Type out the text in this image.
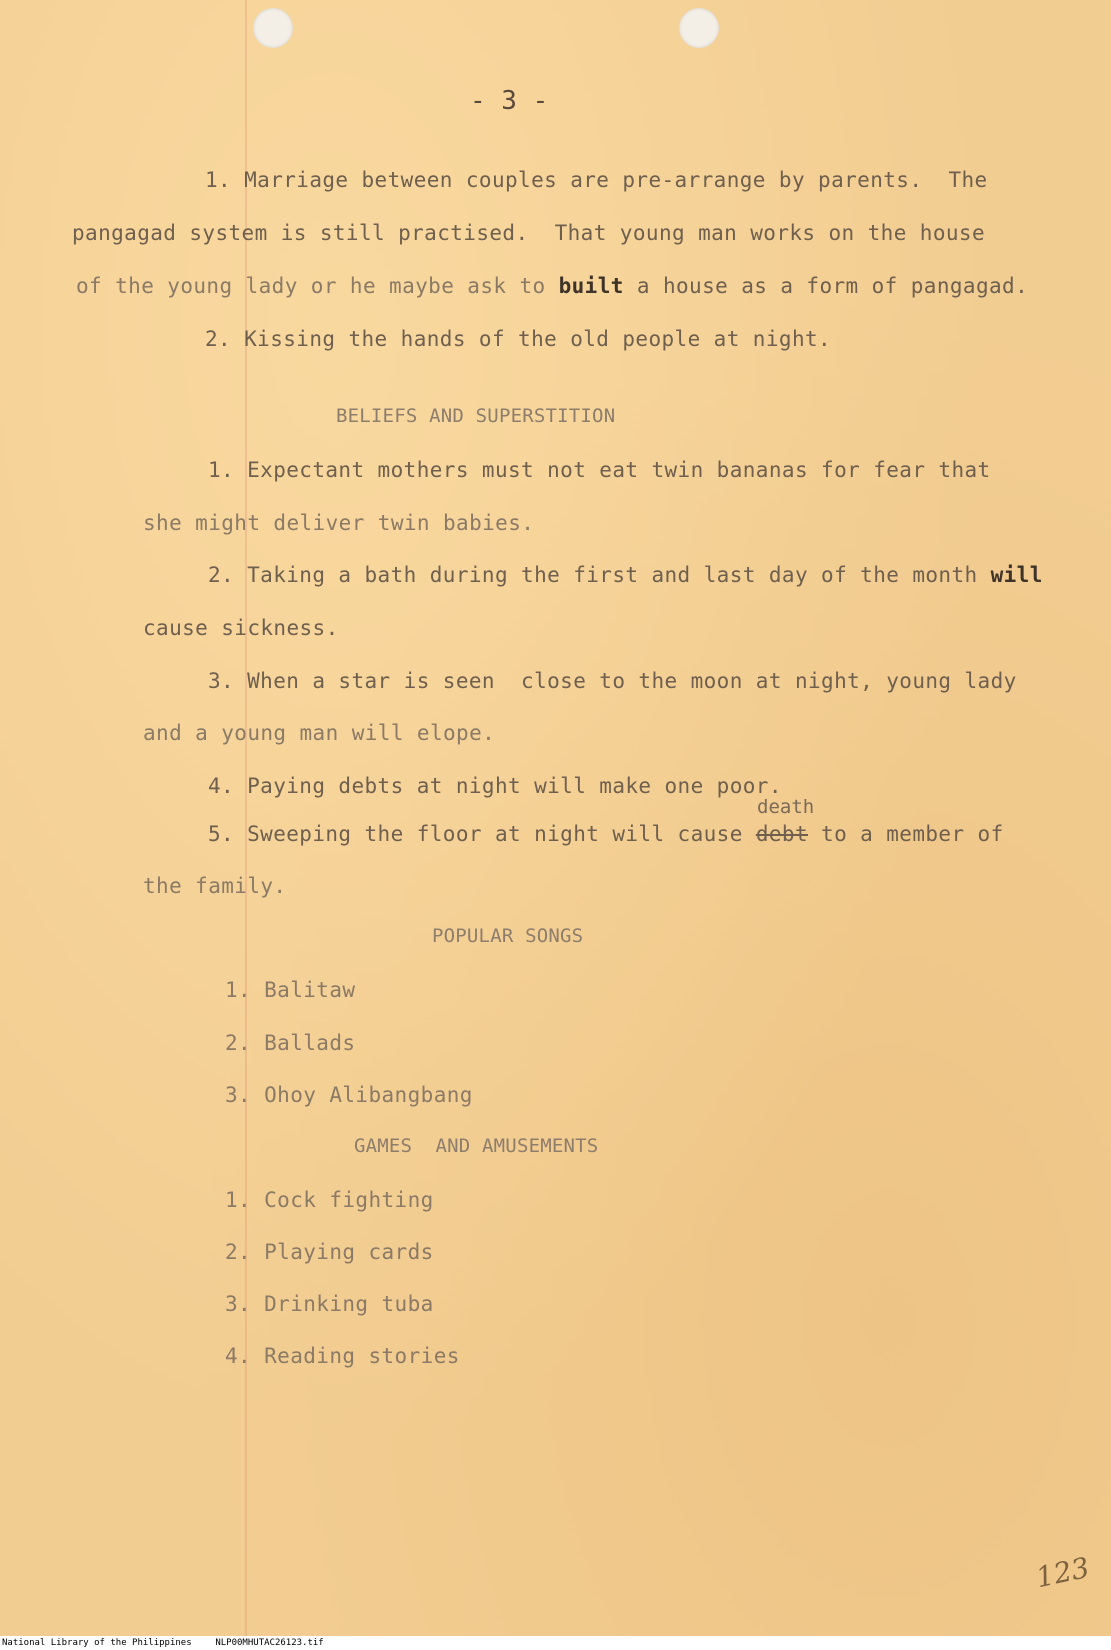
- 3 -
1. Marriage between couples are pre-arrange by parents.  The
pangagad system is still practised.  That young man works on the house
of the young lady or he maybe ask to built a house as a form of pangagad.
2. Kissing the hands of the old people at night.
BELIEFS AND SUPERSTITION
1. Expectant mothers must not eat twin bananas for fear that
she might deliver twin babies.
2. Taking a bath during the first and last day of the month will
cause sickness.
3. When a star is seen  close to the moon at night, young lady
and a young man will elope.
4. Paying debts at night will make one poor.
death
5. Sweeping the floor at night will cause debt to a member of
the family.
POPULAR SONGS
1. Balitaw
2. Ballads
3. Ohoy Alibangbang
GAMES  AND AMUSEMENTS
1. Cock fighting
2. Playing cards
3. Drinking tuba
4. Reading stories
123
National Library of the Philippines	NLP00MHUTAC26123.tif
